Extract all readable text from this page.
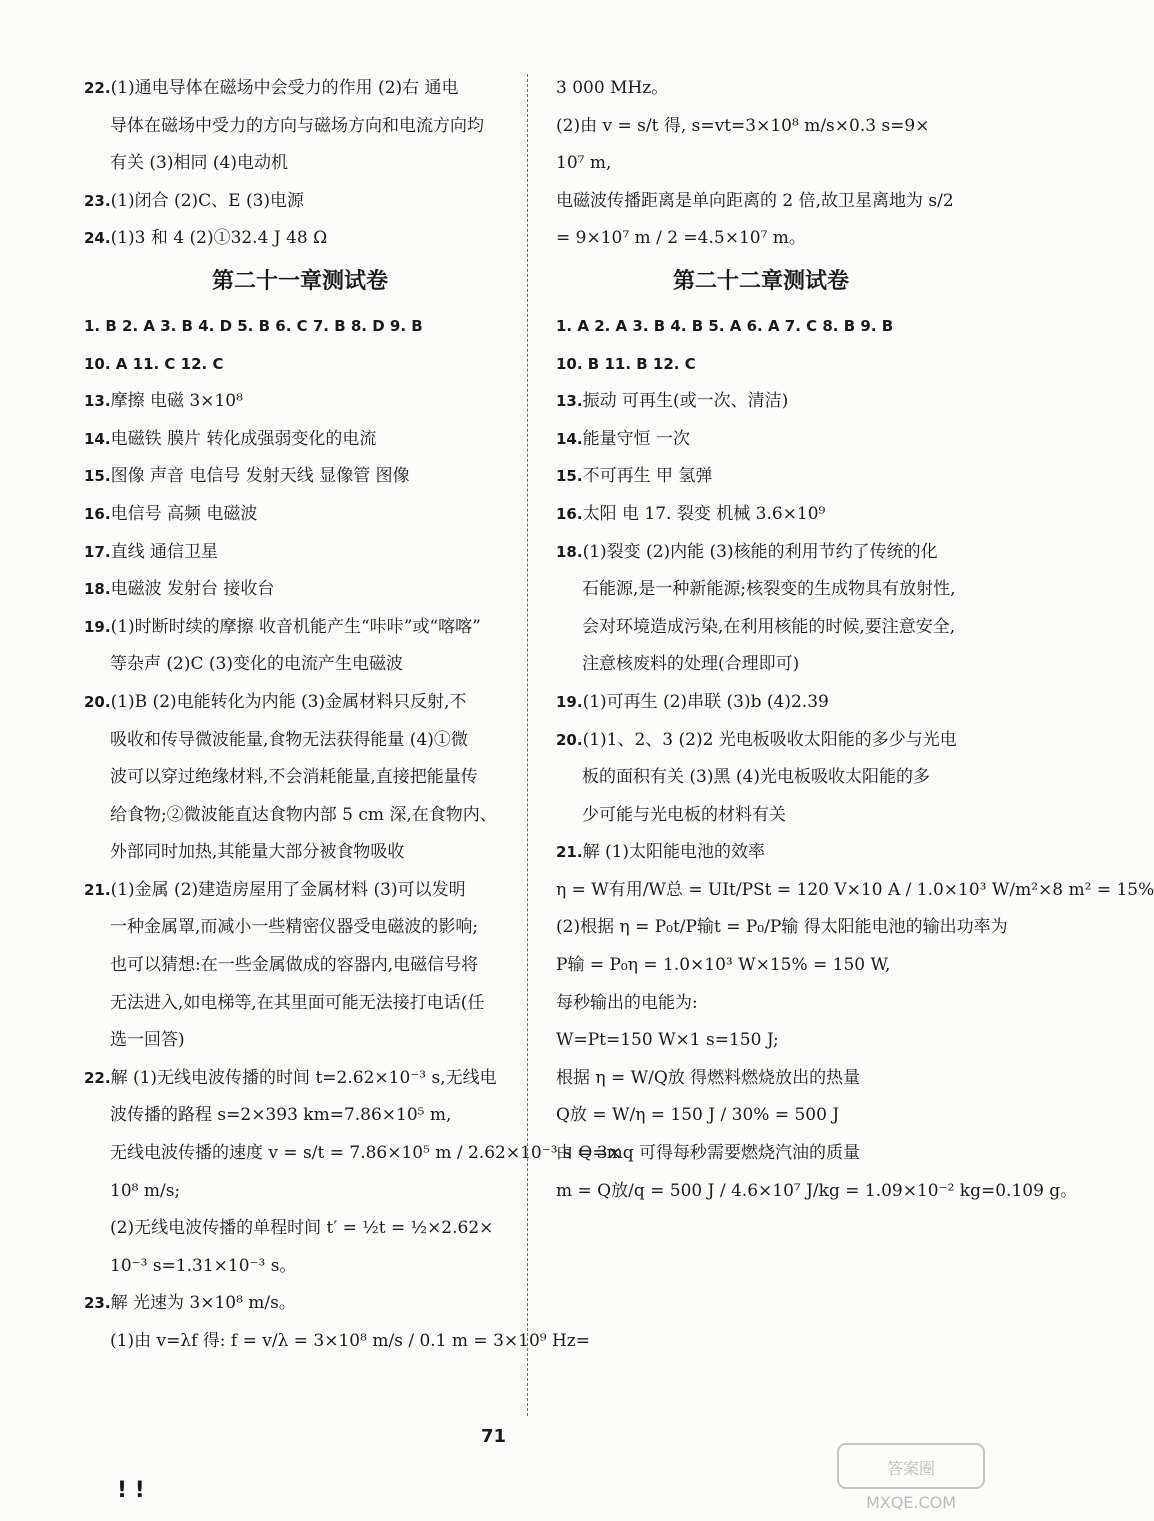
22.(1)通电导体在磁场中会受力的作用 (2)右 通电
导体在磁场中受力的方向与磁场方向和电流方向均
有关 (3)相同 (4)电动机
23.(1)闭合 (2)C、E (3)电源
24.(1)3 和 4 (2)①32.4 J 48 Ω
第二十一章测试卷
1. B 2. A 3. B 4. D 5. B 6. C 7. B 8. D 9. B
10. A 11. C 12. C
13.摩擦 电磁 3×10⁸
14.电磁铁 膜片 转化成强弱变化的电流
15.图像 声音 电信号 发射天线 显像管 图像
16.电信号 高频 电磁波
17.直线 通信卫星
18.电磁波 发射台 接收台
19.(1)时断时续的摩擦 收音机能产生“咔咔”或“喀喀”
等杂声 (2)C (3)变化的电流产生电磁波
20.(1)B (2)电能转化为内能 (3)金属材料只反射,不
吸收和传导微波能量,食物无法获得能量 (4)①微
波可以穿过绝缘材料,不会消耗能量,直接把能量传
给食物;②微波能直达食物内部 5 cm 深,在食物内、
外部同时加热,其能量大部分被食物吸收
21.(1)金属 (2)建造房屋用了金属材料 (3)可以发明
一种金属罩,而减小一些精密仪器受电磁波的影响;
也可以猜想:在一些金属做成的容器内,电磁信号将
无法进入,如电梯等,在其里面可能无法接打电话(任
选一回答)
22.解 (1)无线电波传播的时间 t=2.62×10⁻³ s,无线电
波传播的路程 s=2×393 km=7.86×10⁵ m,
无线电波传播的速度 v = s/t = 7.86×10⁵ m / 2.62×10⁻³ s = 3×
10⁸ m/s;
(2)无线电波传播的单程时间 t′ = ½t = ½×2.62×
10⁻³ s=1.31×10⁻³ s。
23.解 光速为 3×10⁸ m/s。
(1)由 v=λf 得: f = v/λ = 3×10⁸ m/s / 0.1 m = 3×10⁹ Hz=
3 000 MHz。
(2)由 v = s/t 得, s=vt=3×10⁸ m/s×0.3 s=9×
10⁷ m,
电磁波传播距离是单向距离的 2 倍,故卫星离地为 s/2
= 9×10⁷ m / 2 =4.5×10⁷ m。
第二十二章测试卷
1. A 2. A 3. B 4. B 5. A 6. A 7. C 8. B 9. B
10. B 11. B 12. C
13.振动 可再生(或一次、清洁)
14.能量守恒 一次
15.不可再生 甲 氢弹
16.太阳 电 17. 裂变 机械 3.6×10⁹
18.(1)裂变 (2)内能 (3)核能的利用节约了传统的化
石能源,是一种新能源;核裂变的生成物具有放射性,
会对环境造成污染,在利用核能的时候,要注意安全,
注意核废料的处理(合理即可)
19.(1)可再生 (2)串联 (3)b (4)2.39
20.(1)1、2、3 (2)2 光电板吸收太阳能的多少与光电
板的面积有关 (3)黑 (4)光电板吸收太阳能的多
少可能与光电板的材料有关
21.解 (1)太阳能电池的效率
η = W有用/W总 = UIt/PSt = 120 V×10 A / 1.0×10³ W/m²×8 m² = 15%
(2)根据 η = P₀t/P输t = P₀/P输 得太阳能电池的输出功率为
P输 = P₀η = 1.0×10³ W×15% = 150 W,
每秒输出的电能为:
W=Pt=150 W×1 s=150 J;
根据 η = W/Q放 得燃料燃烧放出的热量
Q放 = W/η = 150 J / 30% = 500 J
由 Q=mq 可得每秒需要燃烧汽油的质量
m = Q放/q = 500 J / 4.6×10⁷ J/kg = 1.09×10⁻² kg=0.109 g。
71
! !
答案圈
MXQE.COM
